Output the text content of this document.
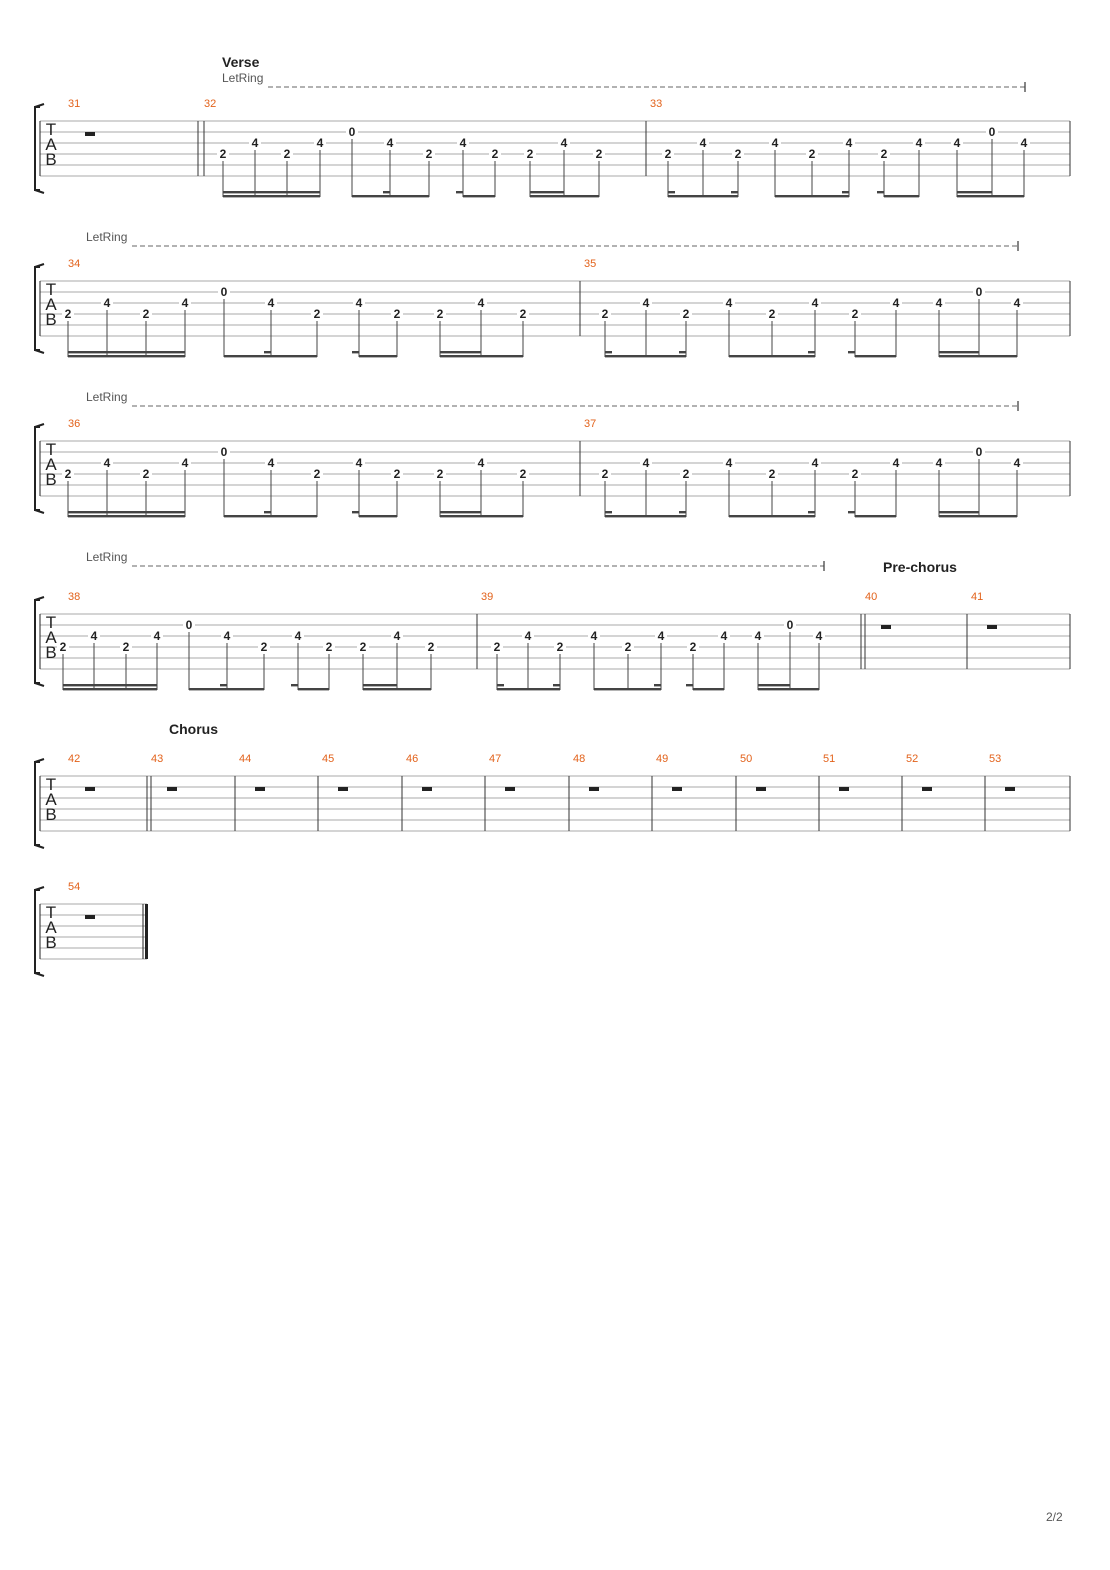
T
A
B
Verse
LetRing
31	32
2
4
2
4
0
4
2
4
2 2
4
2
33
2
4
2
4
2
4
2
4	4
0
4
T
A
B
LetRing
34
2
4
2
4
0
4
2
4
2	2
4
2
35
2
4
2
4
2
4
2
4	4
0
4
T
A
B
LetRing
36
2
4
2
4
0
4
2
4
2	2
4
2
37
2
4
2
4
2
4
2
4	4
0
4
T
A
B
Pre-chorus
LetRing
38
2
4
2
4
0
4
2
4
2 2
4
2
39
2
4
2
4
2
4
2
4 4
0
4
40	41
T
A
B
Chorus
42	43	44	45	46	47	48	49	50	51	52	53
T
A
B
54
2/2
